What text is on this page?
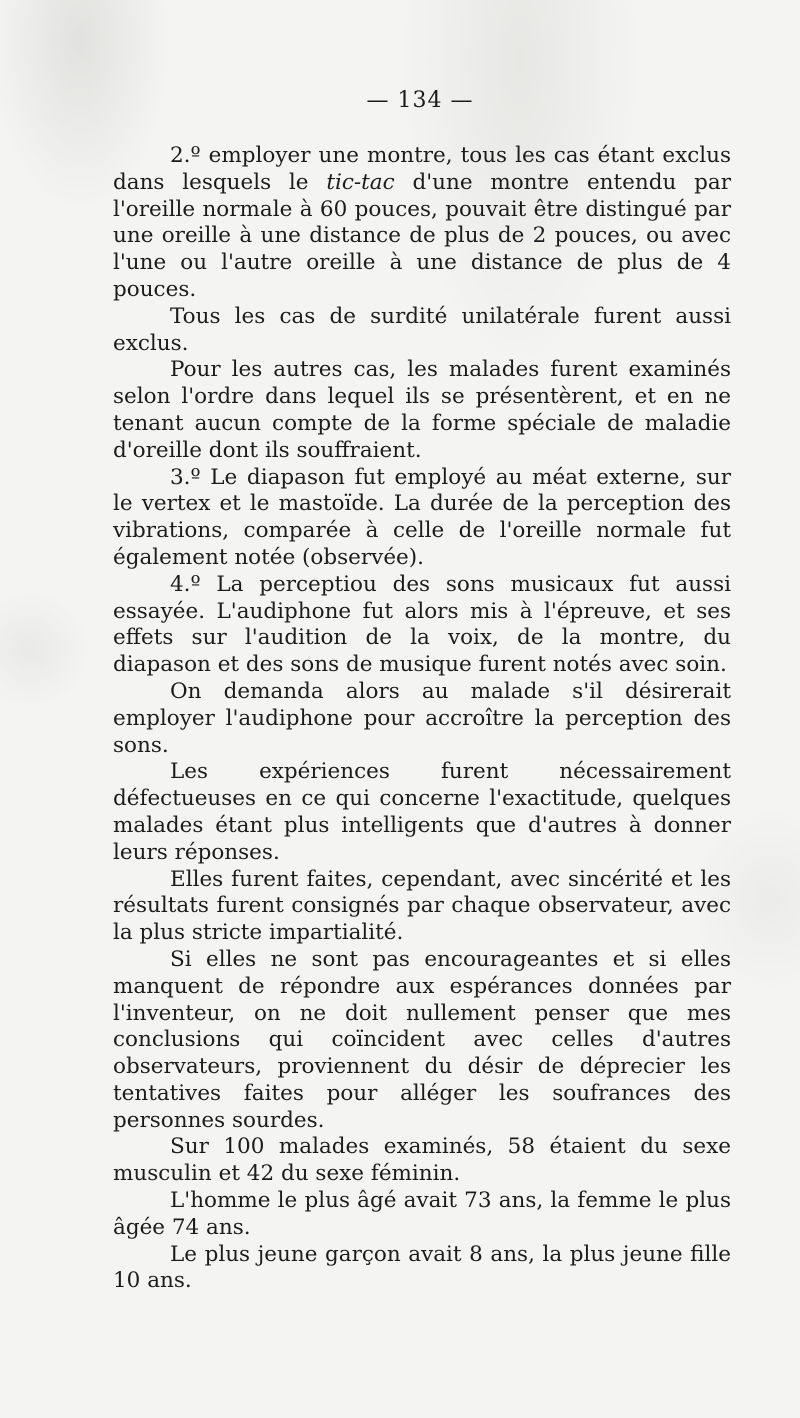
— 134 —

2.º employer une montre, tous les cas étant exclus dans lesquels le tic-tac d'une montre entendu par l'oreille normale à 60 pouces, pouvait être distingué par une oreille à une distance de plus de 2 pouces, ou avec l'une ou l'autre oreille à une distance de plus de 4 pouces.

Tous les cas de surdité unilatérale furent aussi exclus.

Pour les autres cas, les malades furent examinés selon l'ordre dans lequel ils se présentèrent, et en ne tenant aucun compte de la forme spéciale de maladie d'oreille dont ils souffraient.

3.º Le diapason fut employé au méat externe, sur le vertex et le mastoïde. La durée de la perception des vibrations, comparée à celle de l'oreille normale fut également notée (observée).

4.º La perceptiou des sons musicaux fut aussi essayée. L'audiphone fut alors mis à l'épreuve, et ses effets sur l'audition de la voix, de la montre, du diapason et des sons de musique furent notés avec soin.

On demanda alors au malade s'il désirerait employer l'audiphone pour accroître la perception des sons.

Les expériences furent nécessairement défectueuses en ce qui concerne l'exactitude, quelques malades étant plus intelligents que d'autres à donner leurs réponses.

Elles furent faites, cependant, avec sincérité et les résultats furent consignés par chaque observateur, avec la plus stricte impartialité.

Si elles ne sont pas encourageantes et si elles manquent de répondre aux espérances données par l'inventeur, on ne doit nullement penser que mes conclusions qui coïncident avec celles d'autres observateurs, proviennent du désir de déprecier les tentatives faites pour alléger les soufrances des personnes sourdes.

Sur 100 malades examinés, 58 étaient du sexe musculin et 42 du sexe féminin.

L'homme le plus âgé avait 73 ans, la femme le plus âgée 74 ans.

Le plus jeune garçon avait 8 ans, la plus jeune fille 10 ans.
